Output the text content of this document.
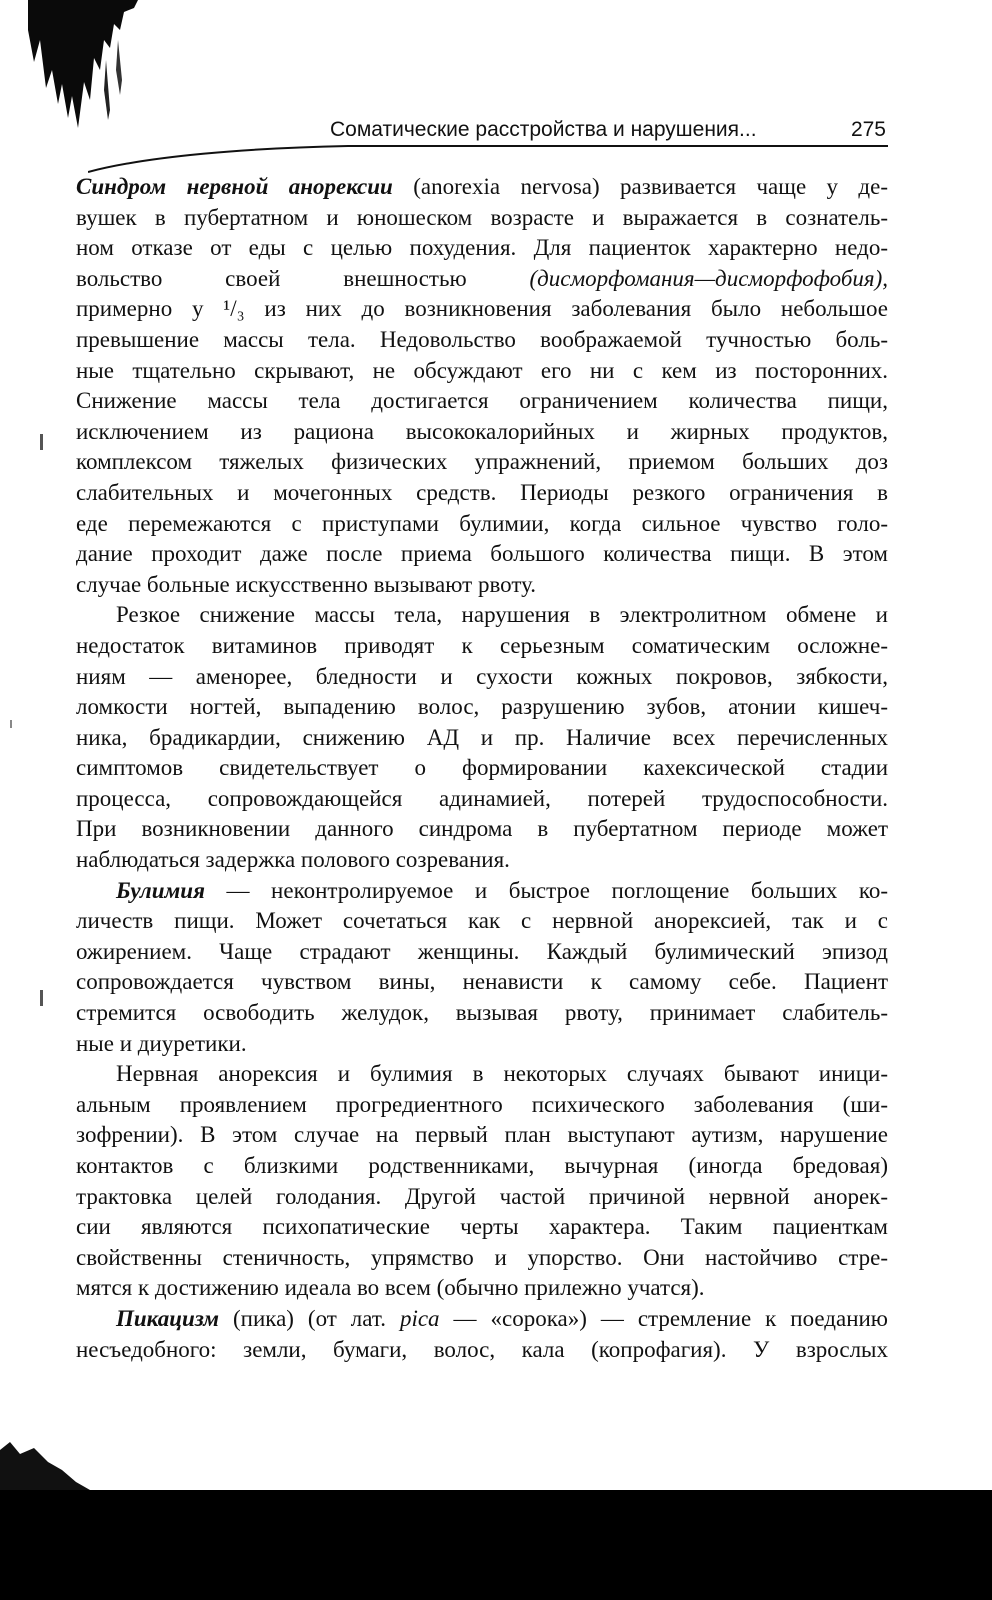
Соматические расстройства и нарушения...	275
Синдром нервной анорексии (anorexia nervosa) развивается чаще у де-
вушек в пубертатном и юношеском возрасте и выражается в сознатель-
ном отказе от еды с целью похудения. Для пациенток характерно недо-
вольство своей внешностью (дисморфомания—дисморфофобия),
примерно у ¹/₃ из них до возникновения заболевания было небольшое
превышение массы тела. Недовольство воображаемой тучностью боль-
ные тщательно скрывают, не обсуждают его ни с кем из посторонних.
Снижение массы тела достигается ограничением количества пищи,
исключением из рациона высококалорийных и жирных продуктов,
комплексом тяжелых физических упражнений, приемом больших доз
слабительных и мочегонных средств. Периоды резкого ограничения в
еде перемежаются с приступами булимии, когда сильное чувство голо-
дание проходит даже после приема большого количества пищи. В этом
случае больные искусственно вызывают рвоту.
Резкое снижение массы тела, нарушения в электролитном обмене и
недостаток витаминов приводят к серьезным соматическим осложне-
ниям — аменорее, бледности и сухости кожных покровов, зябкости,
ломкости ногтей, выпадению волос, разрушению зубов, атонии кишеч-
ника, брадикардии, снижению АД и пр. Наличие всех перечисленных
симптомов свидетельствует о формировании кахексической стадии
процесса, сопровождающейся адинамией, потерей трудоспособности.
При возникновении данного синдрома в пубертатном периоде может
наблюдаться задержка полового созревания.
Булимия — неконтролируемое и быстрое поглощение больших ко-
личеств пищи. Может сочетаться как с нервной анорексией, так и с
ожирением. Чаще страдают женщины. Каждый булимический эпизод
сопровождается чувством вины, ненависти к самому себе. Пациент
стремится освободить желудок, вызывая рвоту, принимает слабитель-
ные и диуретики.
Нервная анорексия и булимия в некоторых случаях бывают иници-
альным проявлением прогредиентного психического заболевания (ши-
зофрении). В этом случае на первый план выступают аутизм, нарушение
контактов с близкими родственниками, вычурная (иногда бредовая)
трактовка целей голодания. Другой частой причиной нервной анорек-
сии являются психопатические черты характера. Таким пациенткам
свойственны стеничность, упрямство и упорство. Они настойчиво стре-
мятся к достижению идеала во всем (обычно прилежно учатся).
Пикацизм (пика) (от лат. pica — «сорока») — стремление к поеданию
несъедобного: земли, бумаги, волос, кала (копрофагия). У взрослых
